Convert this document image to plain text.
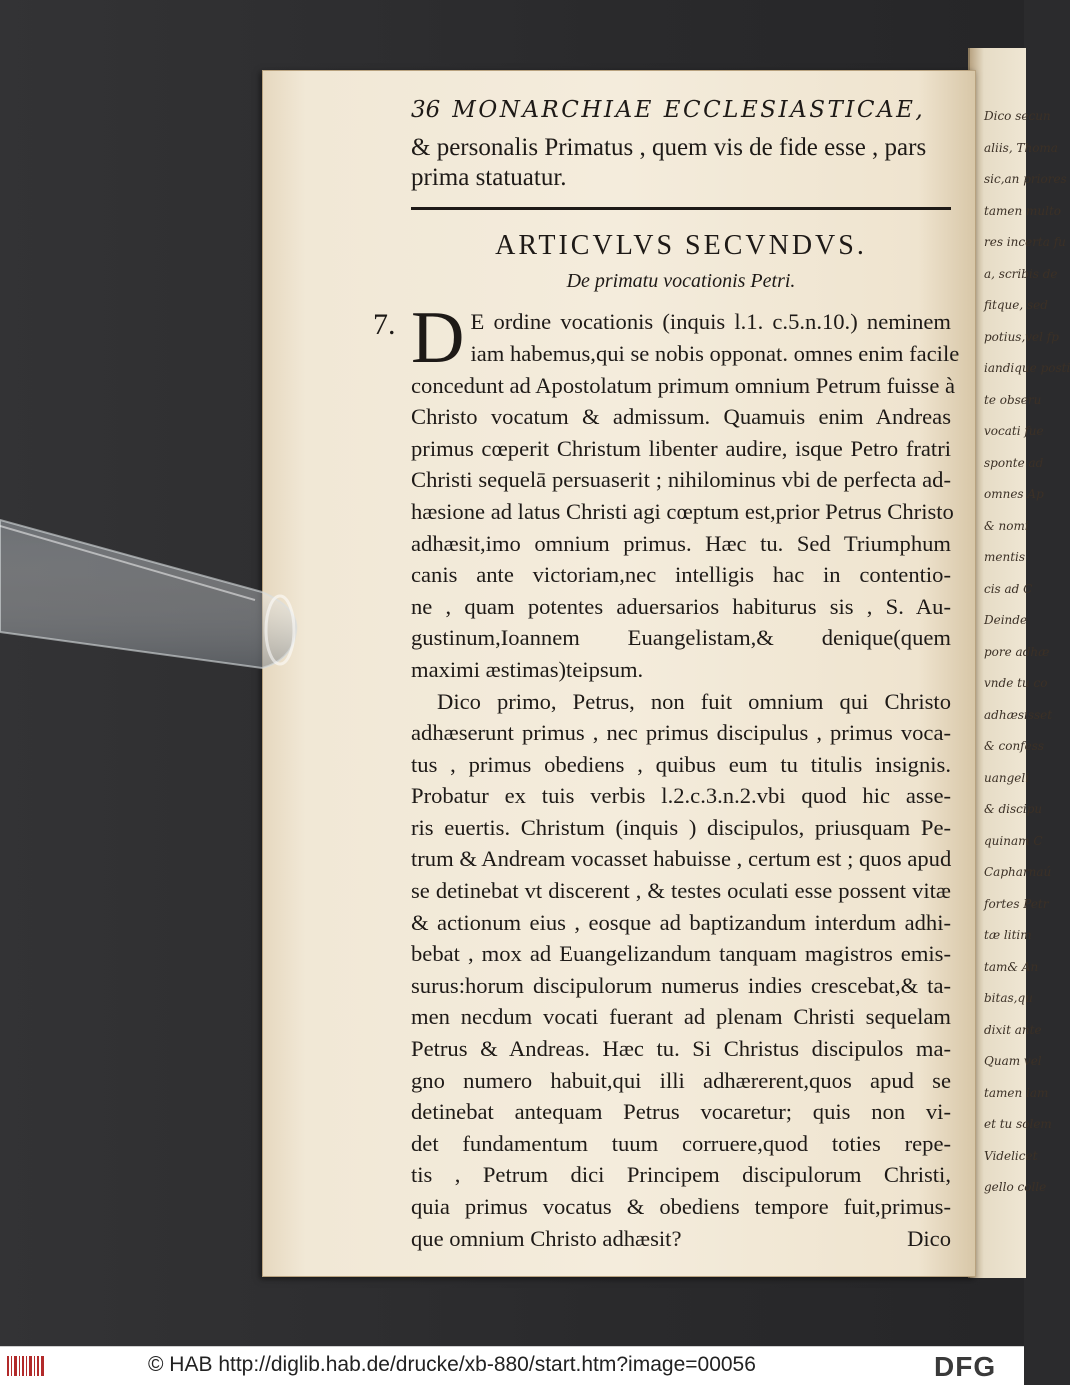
Dico secun
aliis, Thoma
sic,an priores
tamen multo
res incerta fu
a, scribis de
fitque, sed
potius,vel fp
iandique posti
te obseru
vocati fue
sponte ad
omnes Ap
& nomi
mentis
cis ad C
Deinde
pore adhæ
vnde tu co
adhæsisset
& confess
uangeli
& discipu
quinam C
Capharnaú
fortes Petr
tæ litim
tam& An
bitas,qu
dixit ante
Quam vel
tamen iam
et tu solem
Videlicet
gello colle
36 MONARCHIAE ECCLESIASTICAE,
& personalis Primatus , quem vis de fide esse , pars
prima statuatur.
ARTICVLVS SECVNDVS.
De primatu vocationis Petri.
7. D E ordine vocationis (inquis l.1. c.5.n.10.) neminem
iam habemus,qui se nobis opponat. omnes enim facile
concedunt ad Apostolatum primum omnium Petrum fuisse à
Christo vocatum & admissum. Quamuis enim Andreas
primus cœperit Christum libenter audire, isque Petro fratri
Christi sequelā persuaserit ; nihilominus vbi de perfecta ad-
hæsione ad latus Christi agi cœptum est,prior Petrus Christo
adhæsit,imo omnium primus. Hæc tu. Sed Triumphum
canis ante victoriam,nec intelligis hac in contentio-
ne , quam potentes aduersarios habiturus sis , S. Au-
gustinum,Ioannem Euangelistam,& denique(quem
maximi æstimas)teipsum.
Dico primo, Petrus, non fuit omnium qui Christo
adhæserunt primus , nec primus discipulus , primus voca-
tus , primus obediens , quibus eum tu titulis insignis.
Probatur ex tuis verbis l.2.c.3.n.2.vbi quod hic asse-
ris euertis. Christum (inquis ) discipulos, priusquam Pe-
trum & Andream vocasset habuisse , certum est ; quos apud
se detinebat vt discerent , & testes oculati esse possent vitæ
& actionum eius , eosque ad baptizandum interdum adhi-
bebat , mox ad Euangelizandum tanquam magistros emis-
surus:horum discipulorum numerus indies crescebat,& ta-
men necdum vocati fuerant ad plenam Christi sequelam
Petrus & Andreas. Hæc tu. Si Christus discipulos ma-
gno numero habuit,qui illi adhærerent,quos apud se
detinebat antequam Petrus vocaretur; quis non vi-
det fundamentum tuum corruere,quod toties repe-
tis , Petrum dici Principem discipulorum Christi,
quia primus vocatus & obediens tempore fuit,primus-
que omnium Christo adhæsit?	Dico
© HAB http://diglib.hab.de/drucke/xb-880/start.htm?image=00056	DFG
